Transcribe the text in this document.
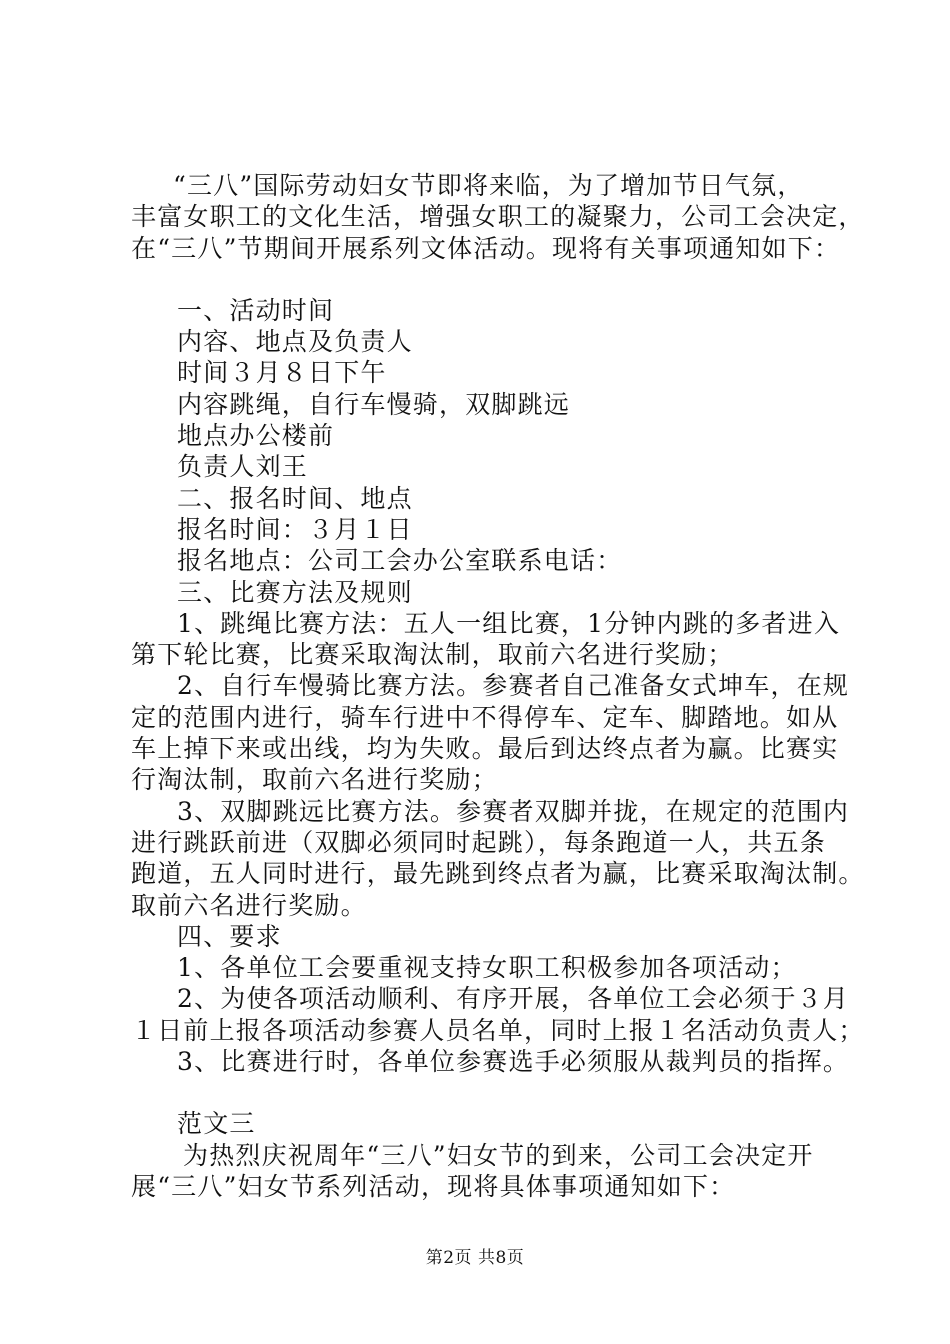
“三八”国际劳动妇女节即将来临，为了增加节日气氛，

丰富女职工的文化生活，增强女职工的凝聚力，公司工会决定，

在“三八”节期间开展系列文体活动。现将有关事项通知如下：

一、活动时间

内容、地点及负责人

时间３月８日下午

内容跳绳，自行车慢骑，双脚跳远

地点办公楼前

负责人刘王

二、报名时间、地点

报名时间：３月１日

报名地点：公司工会办公室联系电话：

三、比赛方法及规则

1、跳绳比赛方法：五人一组比赛，1分钟内跳的多者进入

第下轮比赛，比赛采取淘汰制，取前六名进行奖励；

2、自行车慢骑比赛方法。参赛者自己准备女式坤车，在规

定的范围内进行，骑车行进中不得停车、定车、脚踏地。如从

车上掉下来或出线，均为失败。最后到达终点者为赢。比赛实

行淘汰制，取前六名进行奖励；

3、双脚跳远比赛方法。参赛者双脚并拢，在规定的范围内

进行跳跃前进（双脚必须同时起跳），每条跑道一人，共五条

跑道，五人同时进行，最先跳到终点者为赢，比赛采取淘汰制。

取前六名进行奖励。

四、要求

1、各单位工会要重视支持女职工积极参加各项活动；

2、为使各项活动顺利、有序开展，各单位工会必须于３月

１日前上报各项活动参赛人员名单，同时上报１名活动负责人；

3、比赛进行时，各单位参赛选手必须服从裁判员的指挥。

范文三

为热烈庆祝周年“三八”妇女节的到来，公司工会决定开

展“三八”妇女节系列活动，现将具体事项通知如下：

第2页 共8页
